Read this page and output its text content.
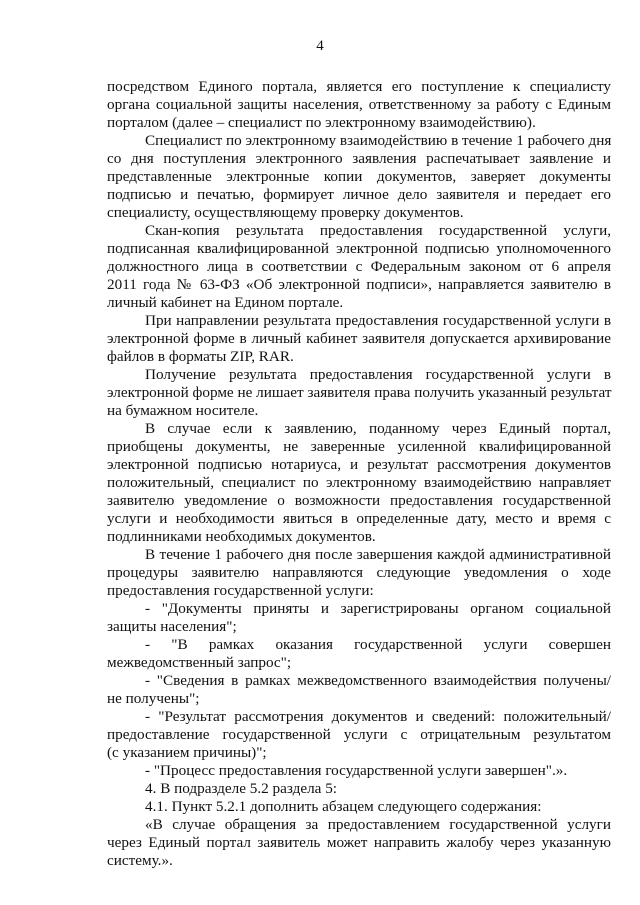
4
посредством Единого портала, является его поступление к специалисту
органа социальной защиты населения, ответственному за работу с Единым
порталом (далее – специалист по электронному взаимодействию).
Специалист по электронному взаимодействию в течение 1 рабочего дня
со дня поступления электронного заявления распечатывает заявление и
представленные электронные копии документов, заверяет документы
подписью и печатью, формирует личное дело заявителя и передает его
специалисту, осуществляющему проверку документов.
Скан-копия результата предоставления государственной услуги,
подписанная квалифицированной электронной подписью уполномоченного
должностного лица в соответствии с Федеральным законом от 6 апреля
2011 года № 63-ФЗ «Об электронной подписи», направляется заявителю в
личный кабинет на Едином портале.
При направлении результата предоставления государственной услуги в
электронной форме в личный кабинет заявителя допускается архивирование
файлов в форматы ZIP, RAR.
Получение результата предоставления государственной услуги в
электронной форме не лишает заявителя права получить указанный результат
на бумажном носителе.
В случае если к заявлению, поданному через Единый портал,
приобщены документы, не заверенные усиленной квалифицированной
электронной подписью нотариуса, и результат рассмотрения документов
положительный, специалист по электронному взаимодействию направляет
заявителю уведомление о возможности предоставления государственной
услуги и необходимости явиться в определенные дату, место и время с
подлинниками необходимых документов.
В течение 1 рабочего дня после завершения каждой административной
процедуры заявителю направляются следующие уведомления о ходе
предоставления государственной услуги:
- "Документы приняты и зарегистрированы органом социальной
защиты населения";
- "В рамках оказания государственной услуги совершен
межведомственный запрос";
- "Сведения в рамках межведомственного взаимодействия получены/
не получены";
- "Результат рассмотрения документов и сведений: положительный/
предоставление государственной услуги с отрицательным результатом
(с указанием причины)";
- "Процесс предоставления государственной услуги завершен".».
4. В подразделе 5.2 раздела 5:
4.1. Пункт 5.2.1 дополнить абзацем следующего содержания:
«В случае обращения за предоставлением государственной услуги
через Единый портал заявитель может направить жалобу через указанную
систему.».
